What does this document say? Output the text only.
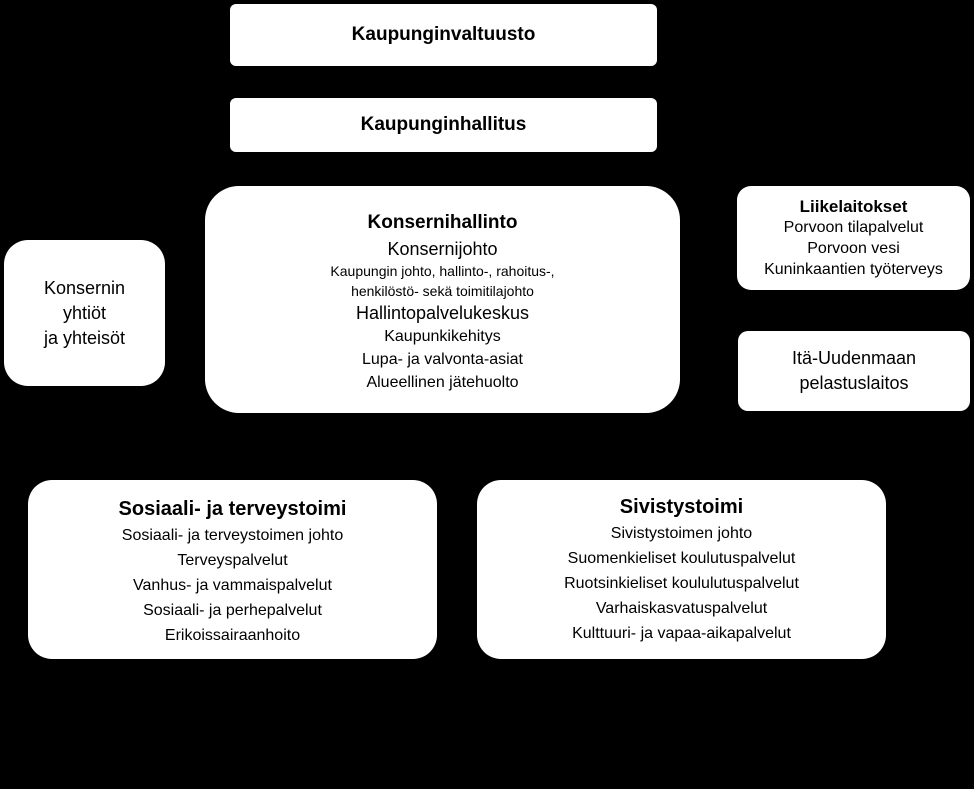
Kaupunginvaltuusto
Kaupunginhallitus
Konsernihallinto
Konsernijohto
Kaupungin johto, hallinto-, rahoitus-,
henkilöstö- sekä toimitilajohto
Hallintopalvelukeskus
Kaupunkikehitys
Lupa- ja valvonta-asiat
Alueellinen jätehuolto
Konsernin
yhtiöt
ja yhteisöt
Liikelaitokset
Porvoon tilapalvelut
Porvoon vesi
Kuninkaantien työterveys
Itä-Uudenmaan
pelastuslaitos
Sosiaali- ja terveystoimi
Sosiaali- ja terveystoimen johto
Terveyspalvelut
Vanhus- ja vammaispalvelut
Sosiaali- ja perhepalvelut
Erikoissairaanhoito
Sivistystoimi
Sivistystoimen johto
Suomenkieliset koulutuspalvelut
Ruotsinkieliset koululutuspalvelut
Varhaiskasvatuspalvelut
Kulttuuri- ja vapaa-aikapalvelut
